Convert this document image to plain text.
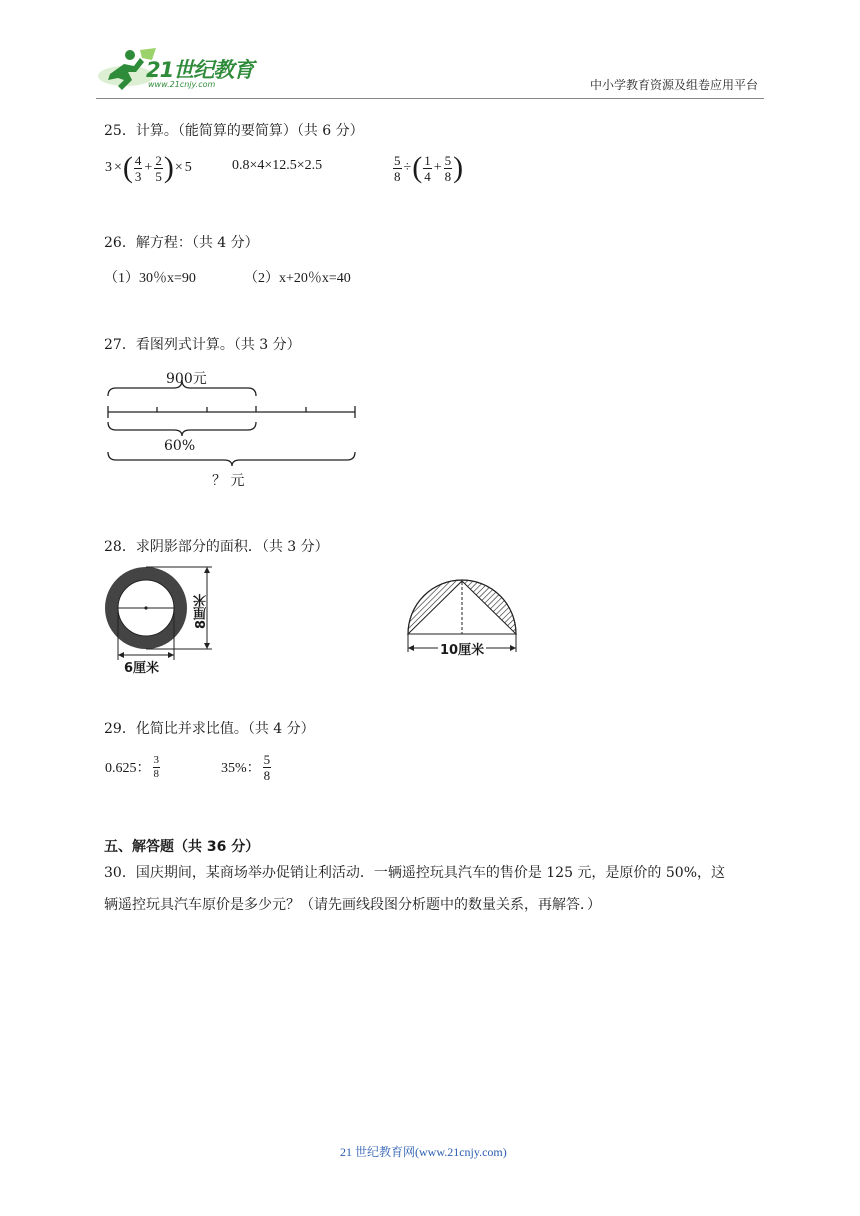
21世纪教育
www.21cnjy.com	中小学教育资源及组卷应用平台
25．计算。（能简算的要简算）（共 6 分）
3 × ( $\frac{4}{3} + \frac{2}{5}$ ) × 5	0.8×4×12.5×2.5	$\frac{5}{8}$ ÷ ( $\frac{1}{4} + \frac{5}{8}$ )
26．解方程：（共 4 分）
（1）30％x=90	（2）x+20％x=40
27．看图列式计算。（共 3 分）
900元
60%
？ 元
28．求阴影部分的面积．（共 3 分）
8厘米
6厘米
10厘米
29．化简比并求比值。（共 4 分）
0.625： $\frac{3}{8}$	35%： $\frac{5}{8}$
五、解答题（共 36 分）
30．国庆期间，某商场举办促销让利活动．一辆遥控玩具汽车的售价是 125 元，是原价的 50%，这
辆遥控玩具汽车原价是多少元？（请先画线段图分析题中的数量关系，再解答．）
21 世纪教育网(www.21cnjy.com)
